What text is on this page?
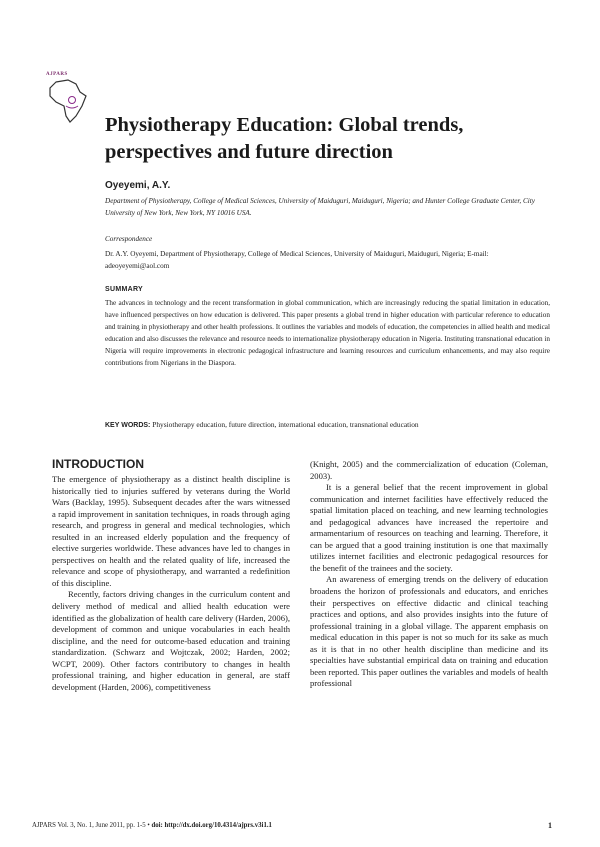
AJPARS
Physiotherapy Education: Global trends, perspectives and future direction
Oyeyemi, A.Y.
Department of Physiotherapy, College of Medical Sciences, University of Maiduguri, Maiduguri, Nigeria; and Hunter College Graduate Center, City University of New York, New York, NY 10016 USA.
Correspondence
Dr. A.Y. Oyeyemi, Department of Physiotherapy, College of Medical Sciences, University of Maiduguri, Maiduguri, Nigeria; E-mail: adeoyeyemi@aol.com
SUMMARY

The advances in technology and the recent transformation in global communication, which are increasingly reducing the spatial limitation in education, have influenced perspectives on how education is delivered. This paper presents a global trend in higher education with particular reference to education and training in physiotherapy and other health professions. It outlines the variables and models of education, the competencies in allied health and medical education and also discusses the relevance and resource needs to internationalize physiotherapy education in Nigeria. Instituting transnational education in Nigeria will require improvements in electronic pedagogical infrastructure and learning resources and curriculum enhancements, and may also require contributions from Nigerians in the Diaspora.

KEY WORDS: Physiotherapy education, future direction, international education, transnational education
INTRODUCTION

The emergence of physiotherapy as a distinct health discipline is historically tied to injuries suffered by veterans during the World Wars (Backlay, 1995). Subsequent decades after the wars witnessed a rapid improvement in sanitation techniques, in roads through aging research, and progress in general and medical technologies, which resulted in an increased elderly population and the frequency of elective surgeries worldwide. These advances have led to changes in perspectives on health and the related quality of life, increased the relevance and scope of physiotherapy, and warranted a redefinition of this discipline.

Recently, factors driving changes in the curriculum content and delivery method of medical and allied health education were identified as the globalization of health care delivery (Harden, 2006), development of common and unique vocabularies in each health discipline, and the need for outcome-based education and training standardization. (Schwarz and Wojtczak, 2002; Harden, 2002; WCPT, 2009). Other factors contributory to changes in health professional training, and higher education in general, are staff development (Harden, 2006), competitiveness

(Knight, 2005) and the commercialization of education (Coleman, 2003).

It is a general belief that the recent improvement in global communication and internet facilities have effectively reduced the spatial limitation placed on teaching, and new learning technologies and pedagogical advances have increased the repertoire and armamentarium of resources on teaching and learning. Therefore, it can be argued that a good training institution is one that maximally utilizes internet facilities and electronic pedagogical resources for the benefit of the trainees and the society.

An awareness of emerging trends on the delivery of education broadens the horizon of professionals and educators, and enriches their perspectives on effective didactic and clinical teaching practices and options, and also provides insights into the future of professional training in a global village. The apparent emphasis on medical education in this paper is not so much for its sake as much as it is that in no other health discipline than medicine and its specialties have substantial empirical data on training and education been reported. This paper outlines the variables and models of health professional

AJPARS Vol. 3, No. 1, June 2011, pp. 1-5 • doi: http://dx.doi.org/10.4314/ajprs.v3i1.1	1
